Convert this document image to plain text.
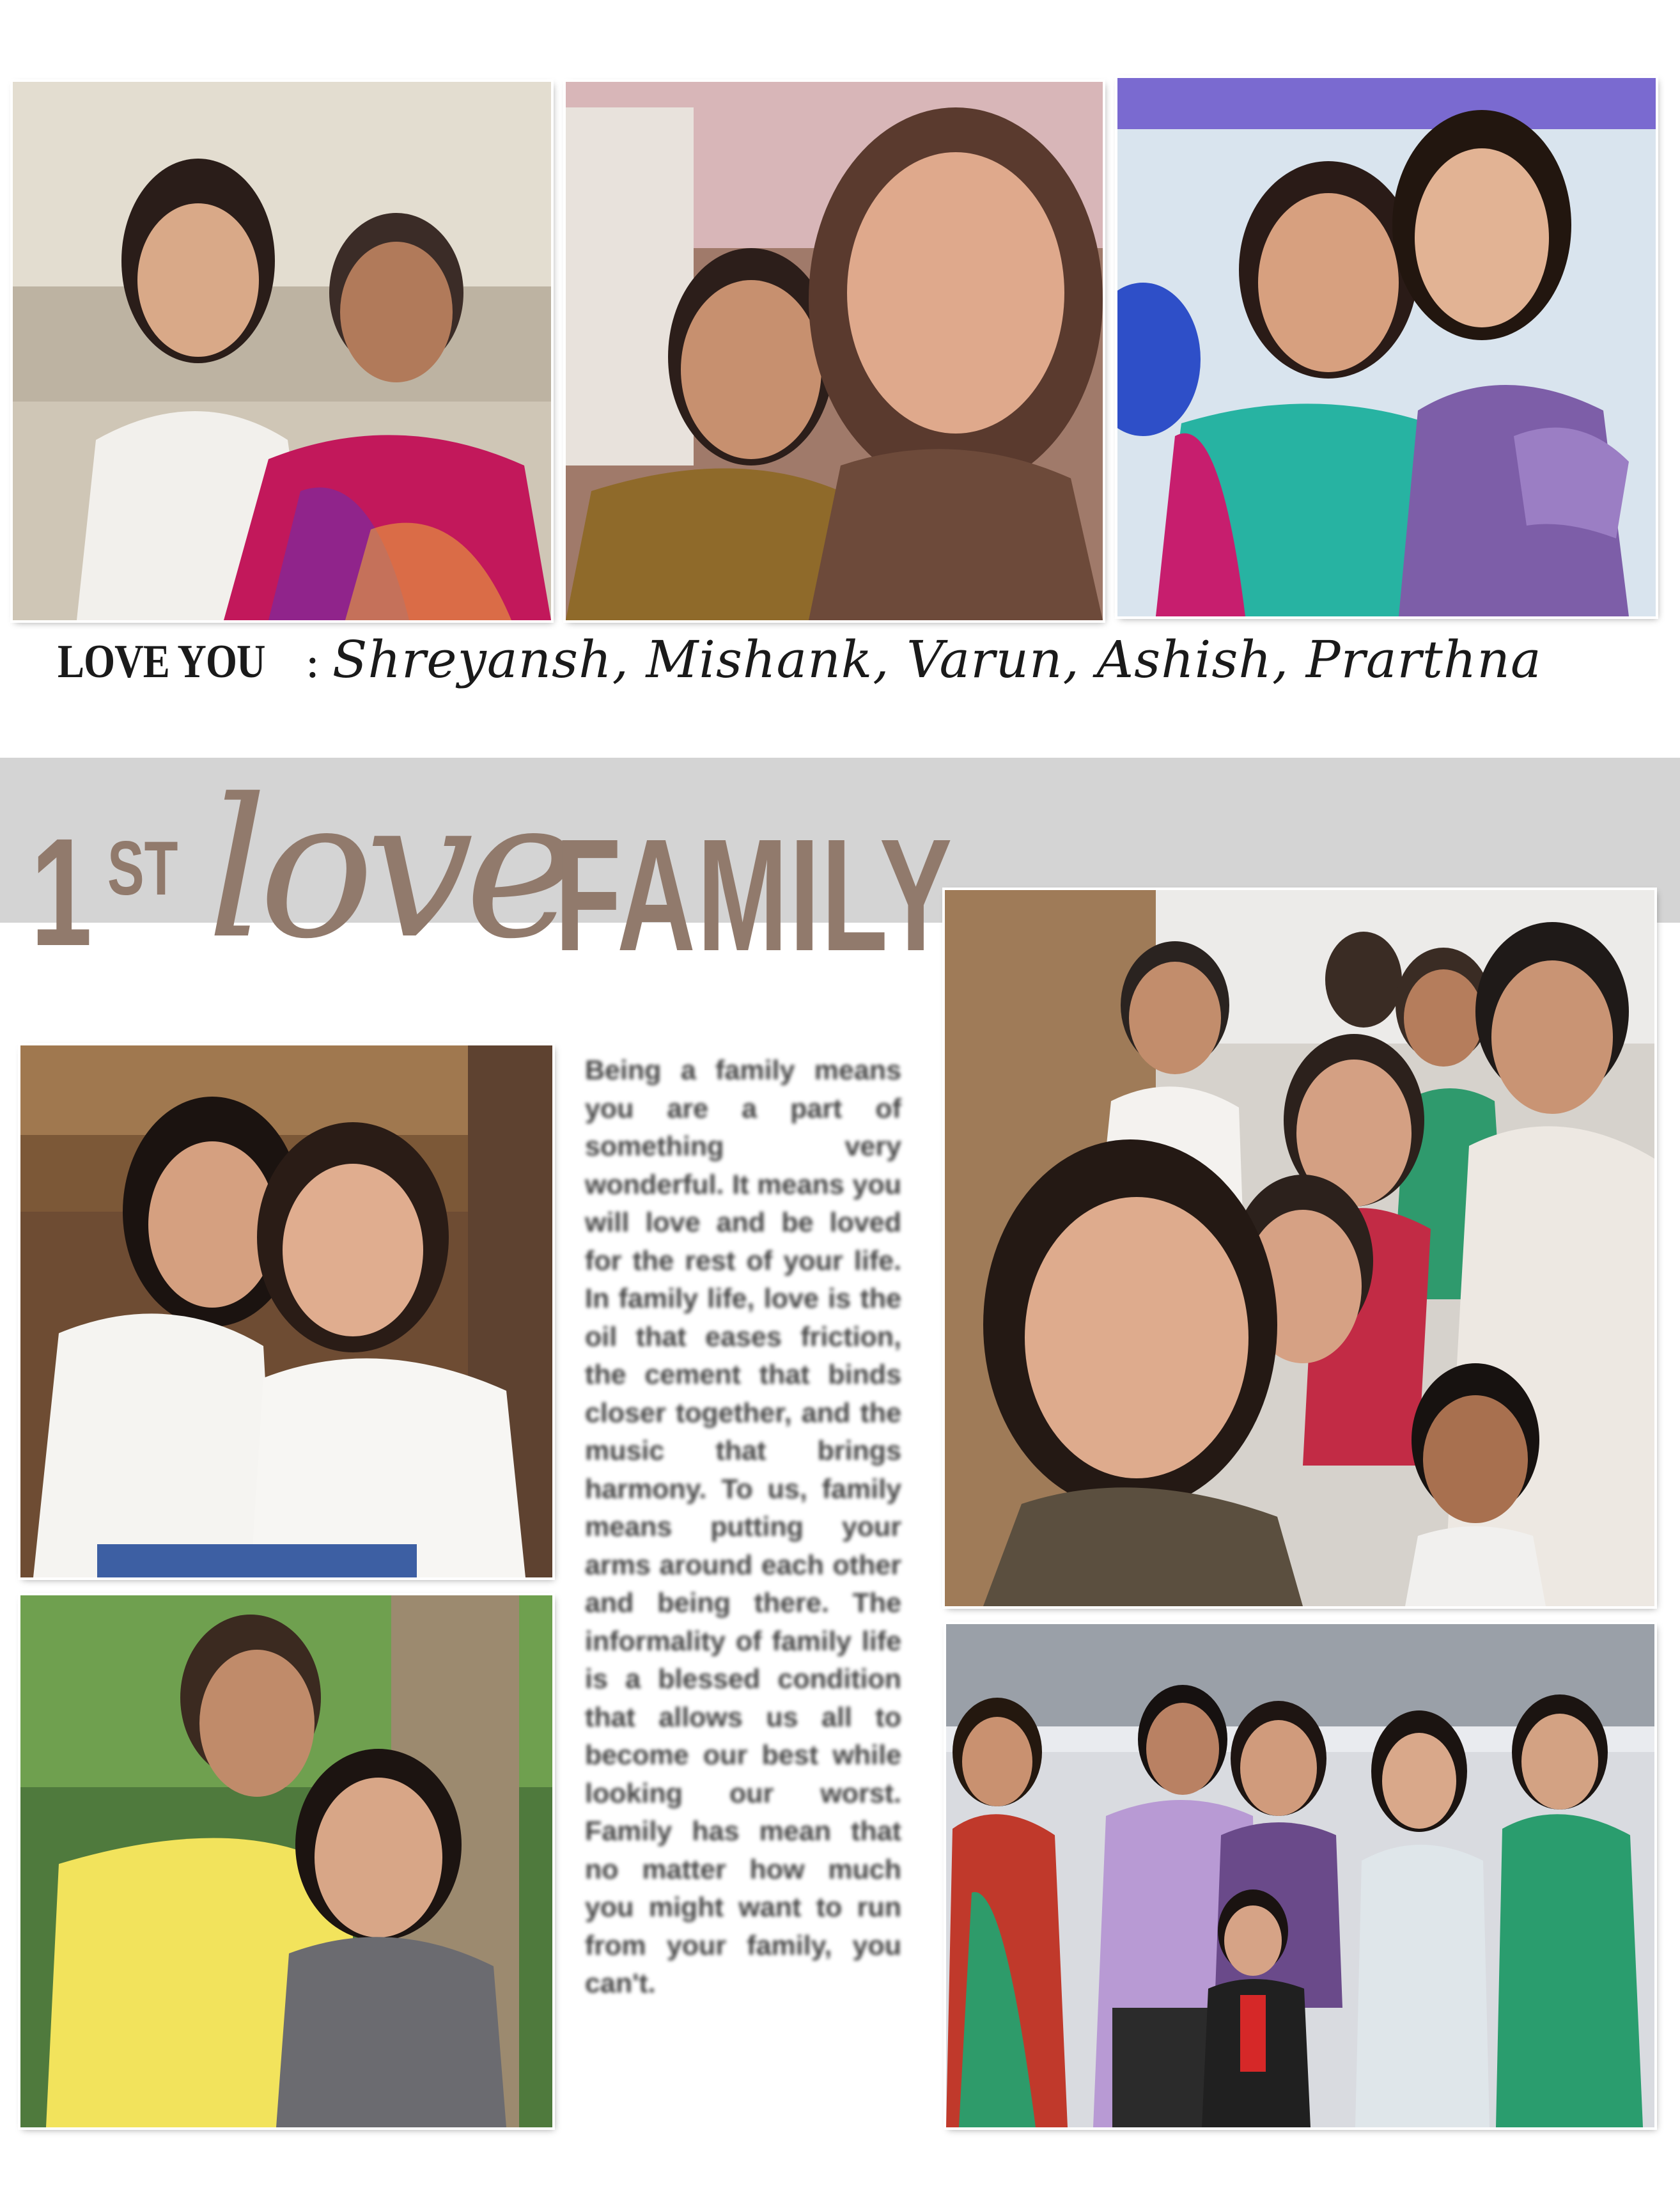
LOVE YOU : Shreyansh, Mishank, Varun, Ashish, Prarthna
1 ST love
FAMILY
Being a family means you are a part of something very wonderful. It means you will love and be loved for the rest of your life. In family life, love is the oil that eases friction, the cement that binds closer together, and the music that brings harmony. To us, family means putting your arms around each other and being there. The informality of family life is a blessed condition that allows us all to become our best while looking our worst. Family has mean that no matter how much you might want to run from your family, you can't.
